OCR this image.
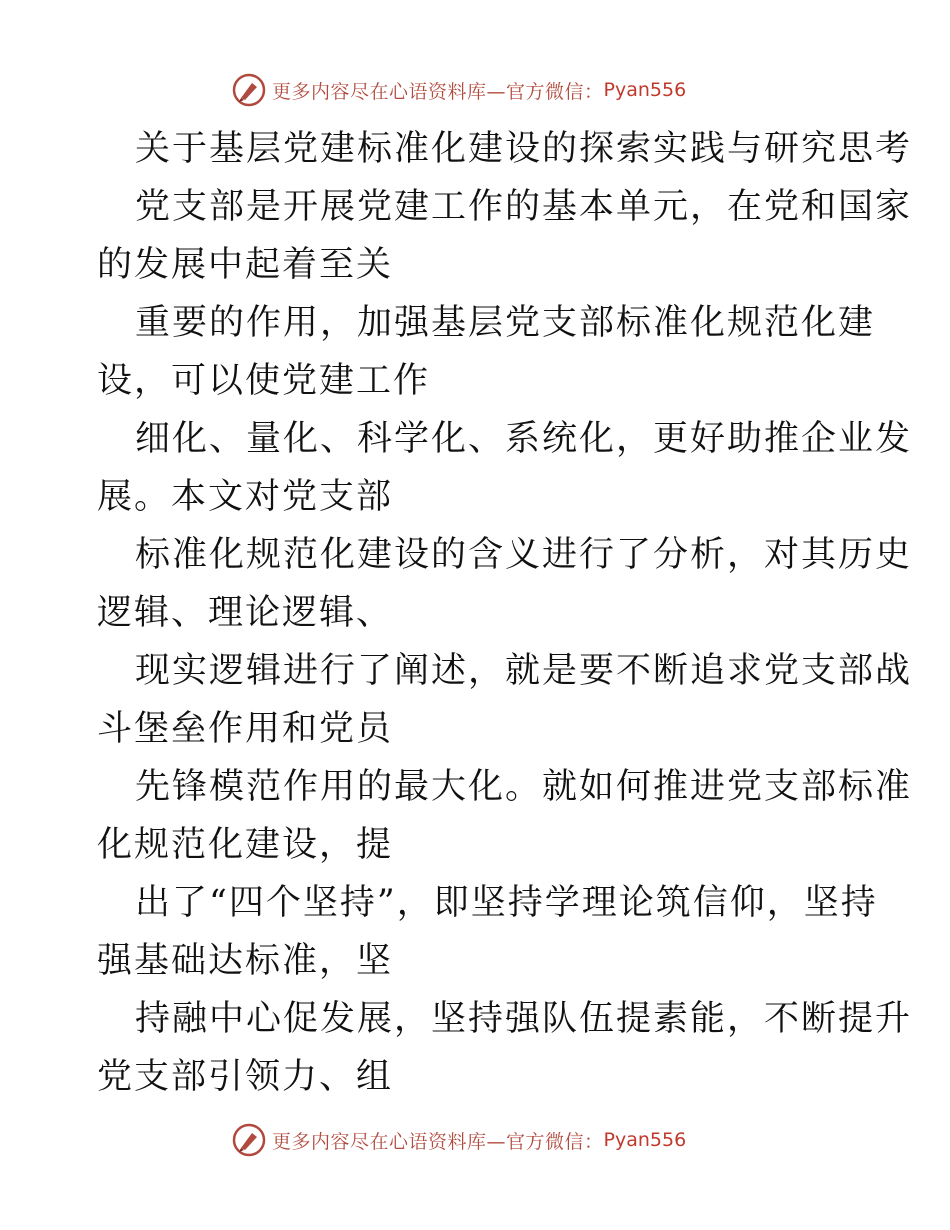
更多内容尽在心语资料库—官方微信： Pyan556
关于基层党建标准化建设的探索实践与研究思考
党支部是开展党建工作的基本单元，在党和国家
的发展中起着至关
重要的作用，加强基层党支部标准化规范化建
设，可以使党建工作
细化、量化、科学化、系统化，更好助推企业发
展。本文对党支部
标准化规范化建设的含义进行了分析，对其历史
逻辑、理论逻辑、
现实逻辑进行了阐述，就是要不断追求党支部战
斗堡垒作用和党员
先锋模范作用的最大化。就如何推进党支部标准
化规范化建设，提
出了“四个坚持”，即坚持学理论筑信仰，坚持
强基础达标准，坚
持融中心促发展，坚持强队伍提素能，不断提升
党支部引领力、组
更多内容尽在心语资料库—官方微信： Pyan556
